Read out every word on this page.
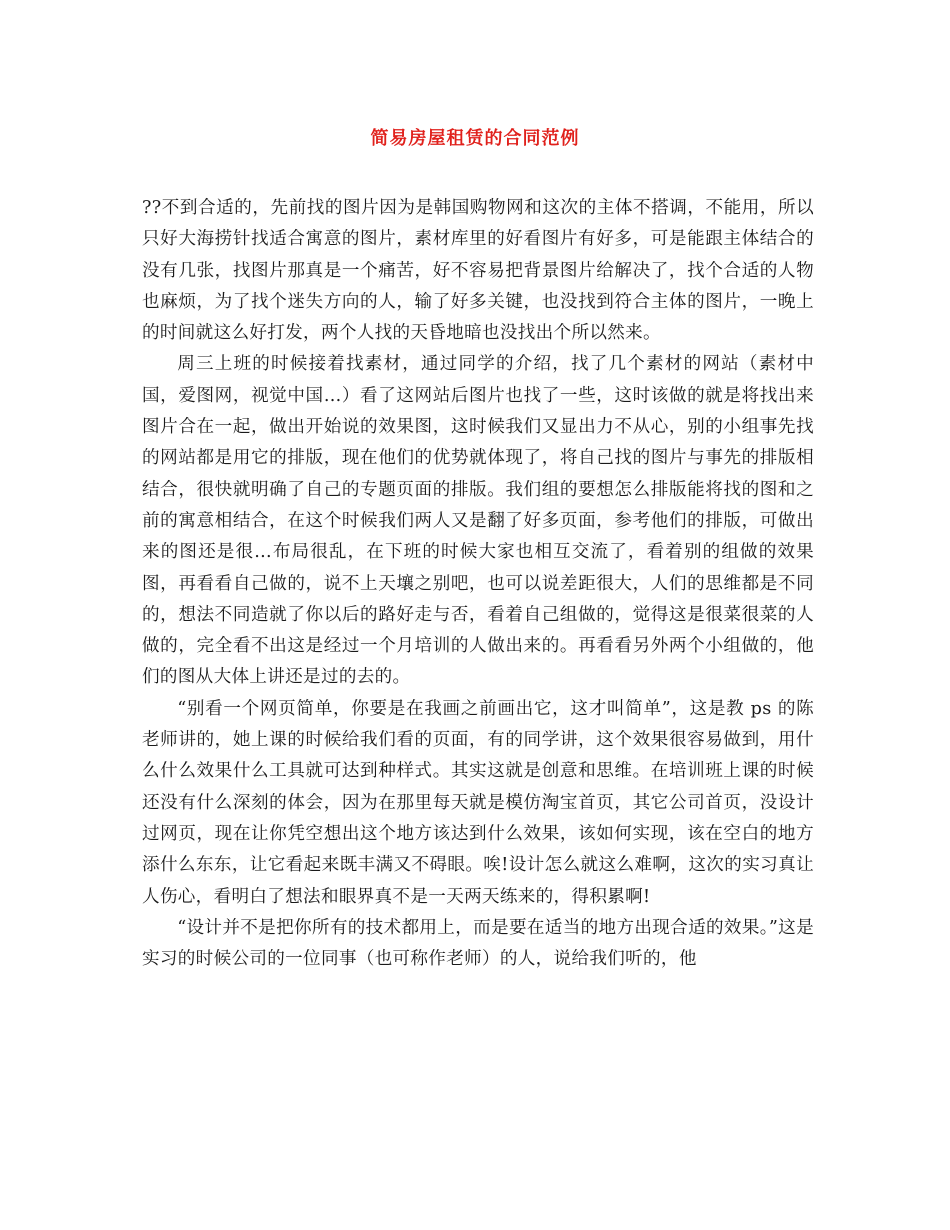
简易房屋租赁的合同范例

??不到合适的，先前找的图片因为是韩国购物网和这次的主体不搭调，不能用，所以只好大海捞针找适合寓意的图片，素材库里的好看图片有好多，可是能跟主体结合的没有几张，找图片那真是一个痛苦，好不容易把背景图片给解决了，找个合适的人物也麻烦，为了找个迷失方向的人，输了好多关键，也没找到符合主体的图片，一晚上的时间就这么好打发，两个人找的天昏地暗也没找出个所以然来。

周三上班的时候接着找素材，通过同学的介绍，找了几个素材的网站（素材中国，爱图网，视觉中国…）看了这网站后图片也找了一些，这时该做的就是将找出来图片合在一起，做出开始说的效果图，这时候我们又显出力不从心，别的小组事先找的网站都是用它的排版，现在他们的优势就体现了，将自己找的图片与事先的排版相结合，很快就明确了自己的专题页面的排版。我们组的要想怎么排版能将找的图和之前的寓意相结合，在这个时候我们两人又是翻了好多页面，参考他们的排版，可做出来的图还是很…布局很乱，在下班的时候大家也相互交流了，看着别的组做的效果图，再看看自己做的，说不上天壤之别吧，也可以说差距很大，人们的思维都是不同的，想法不同造就了你以后的路好走与否，看着自己组做的，觉得这是很菜很菜的人做的，完全看不出这是经过一个月培训的人做出来的。再看看另外两个小组做的，他们的图从大体上讲还是过的去的。

“别看一个网页简单，你要是在我画之前画出它，这才叫简单”，这是教 ps 的陈老师讲的，她上课的时候给我们看的页面，有的同学讲，这个效果很容易做到，用什么什么效果什么工具就可达到种样式。其实这就是创意和思维。在培训班上课的时候还没有什么深刻的体会，因为在那里每天就是模仿淘宝首页，其它公司首页，没设计过网页，现在让你凭空想出这个地方该达到什么效果，该如何实现，该在空白的地方添什么东东，让它看起来既丰满又不碍眼。唉!设计怎么就这么难啊，这次的实习真让人伤心，看明白了想法和眼界真不是一天两天练来的，得积累啊!

“设计并不是把你所有的技术都用上，而是要在适当的地方出现合适的效果。”这是实习的时候公司的一位同事（也可称作老师）的人，说给我们听的，他
